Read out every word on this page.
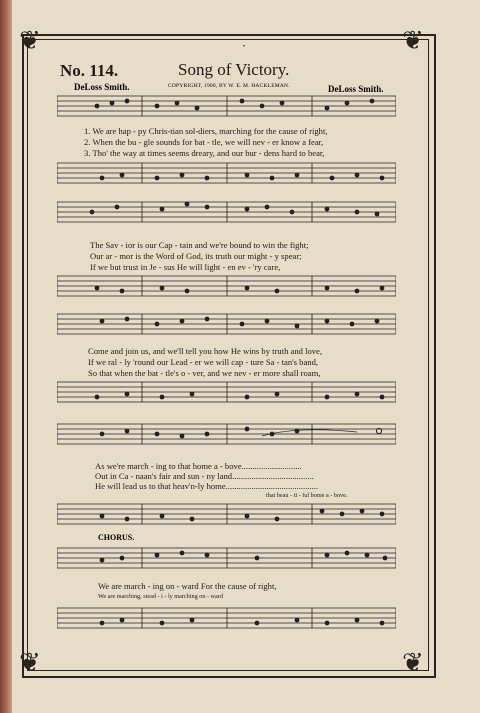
❦	❦
❦	❦
•
No. 114.	Song of Victory.
DeLoss Smith.	COPYRIGHT, 1900, BY W. E. M. HACKLEMAN.	DeLoss Smith.
1. We are hap - py Chris-tian sol-diers, marching for the cause of right,
2. When the bu - gle sounds for bat - tle, we will nev - er know a fear,
3. Tho' the way at times seems dreary, and our bur - dens hard to bear,
The Sav - ior is our Cap - tain and we're bound to win the fight;
Our ar - mor is the Word of God, its truth our might - y spear;
If we but trust in Je - sus He will light - en ev - 'ry care,
Come and join us, and we'll tell you how He wins by truth and love,
If we ral - ly 'round our Lead - er we will cap - ture Sa - tan's band,
So that when the bat - tle's o - ver, and we nev - er more shall roam,
As we're march - ing to that home a - bove............................
Out in Ca - naan's fair and sun - ny land......................................
He will lead us to that heav'n-ly home...........................................
that beau - ti - ful home a - bove.
CHORUS.
We are march - ing on - ward For the cause of right,
We are marching, stead - i - ly marching on - ward
